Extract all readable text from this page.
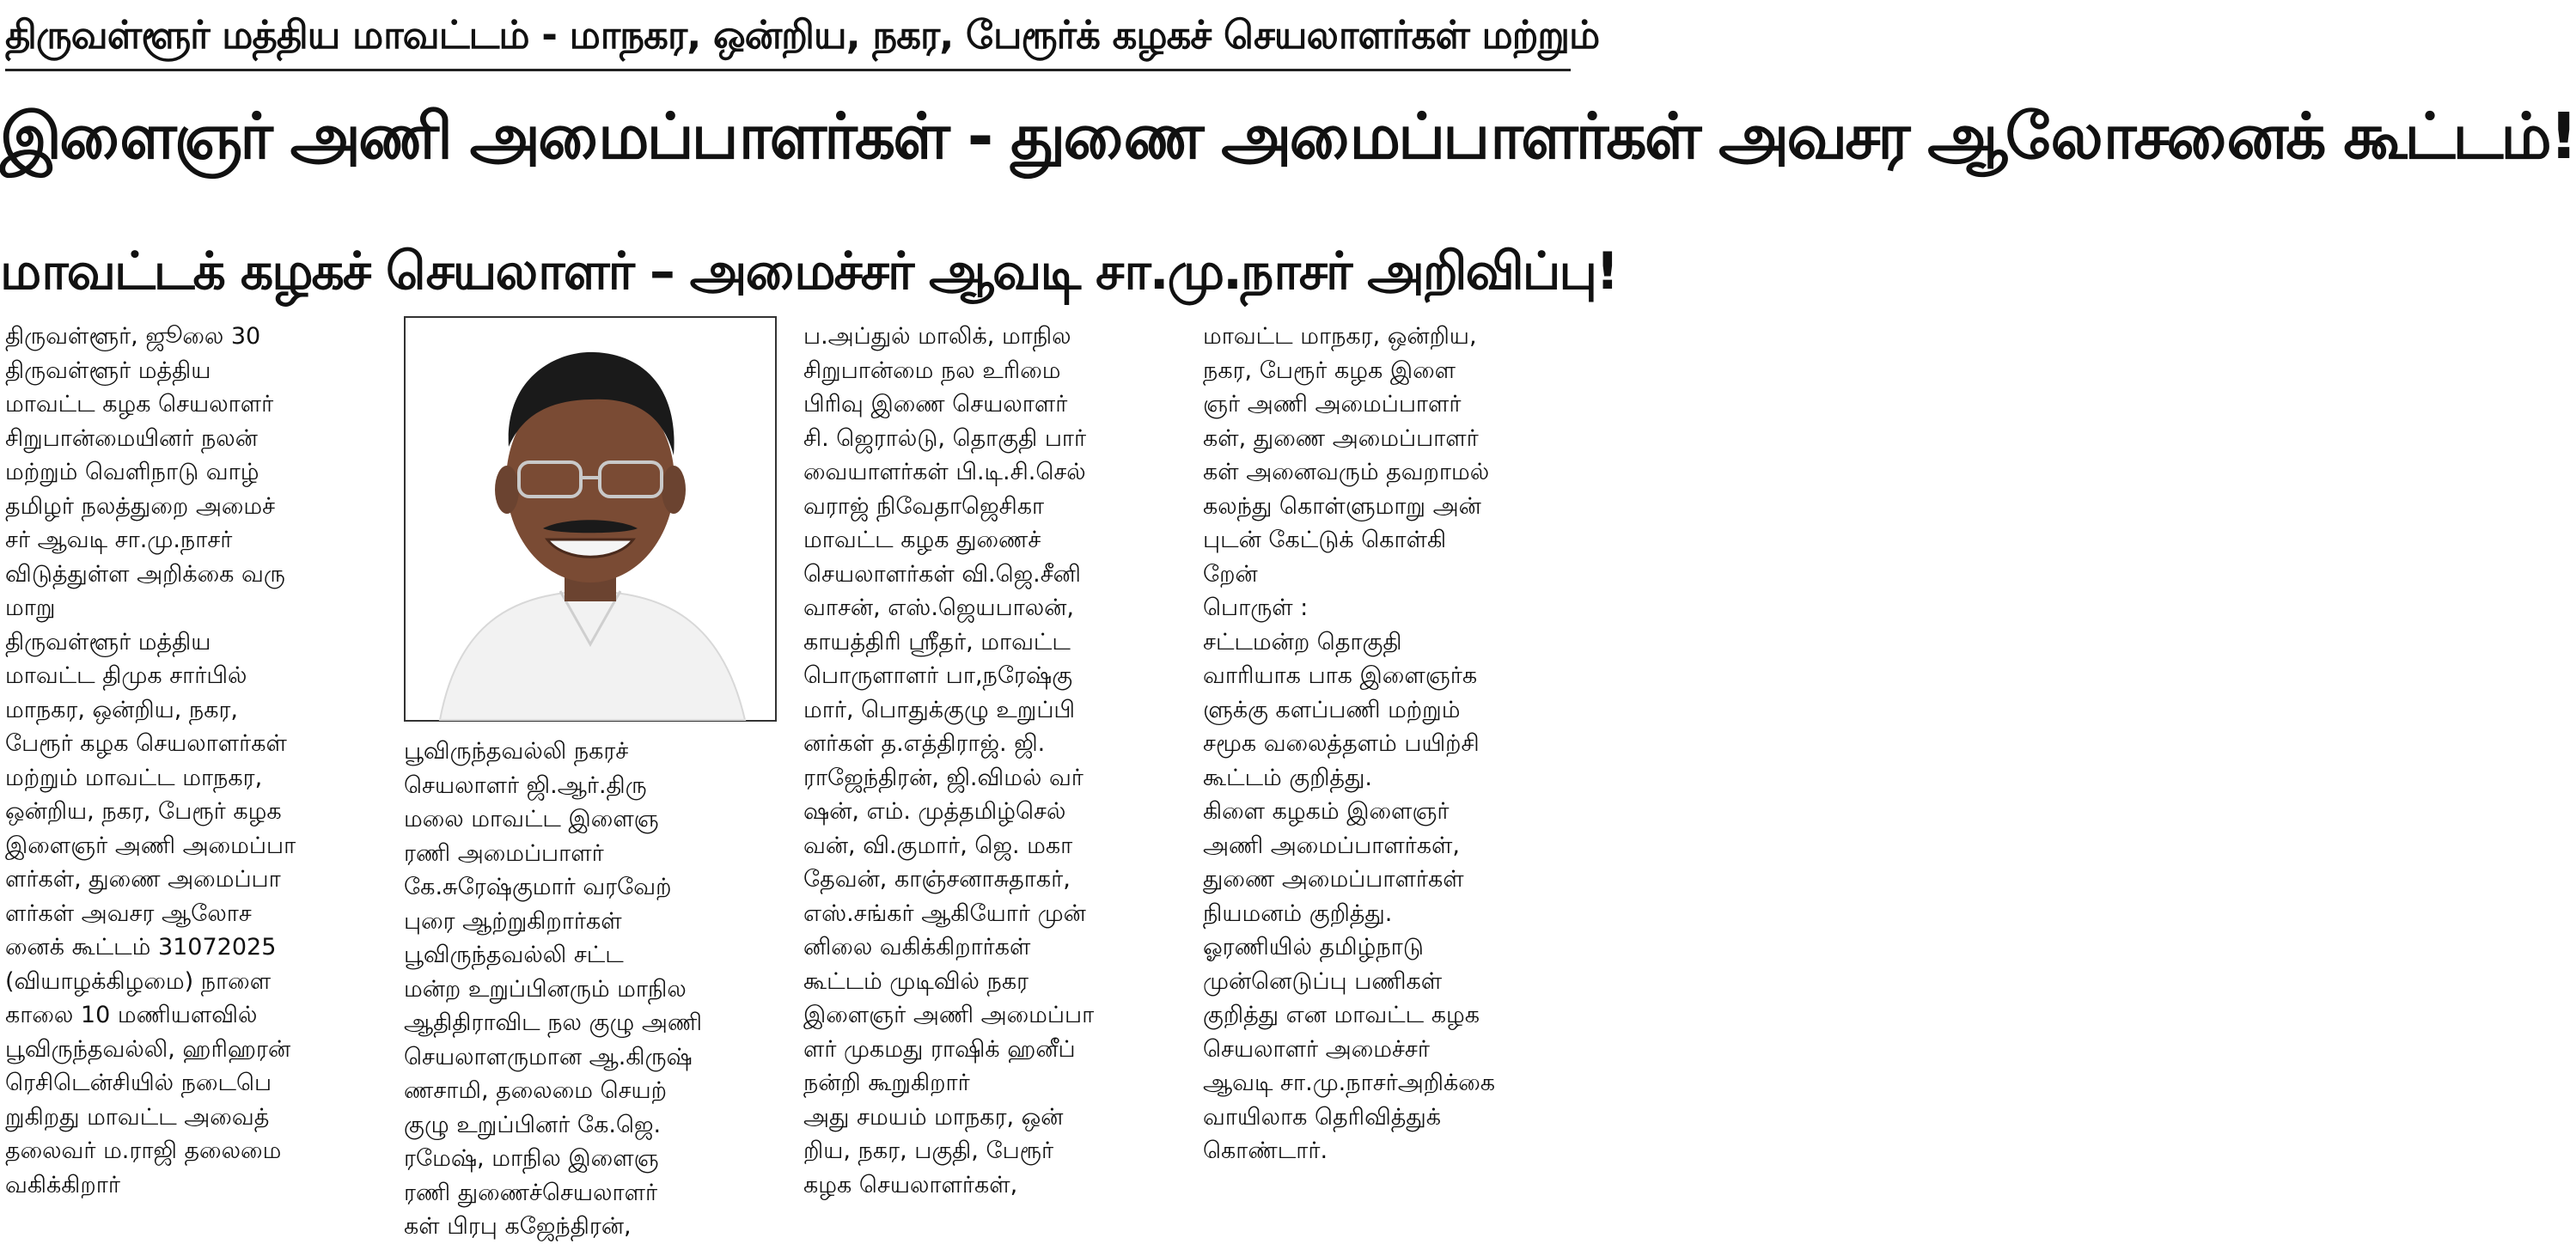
திருவள்ளூர் மத்திய மாவட்டம் - மாநகர, ஒன்றிய, நகர, பேரூர்க் கழகச் செயலாளர்கள் மற்றும்
இளைஞர் அணி அமைப்பாளர்கள் - துணை அமைப்பாளர்கள் அவசர ஆலோசனைக் கூட்டம்!
மாவட்டக் கழகச் செயலாளர் – அமைச்சர் ஆவடி சா.மு.நாசர் அறிவிப்பு!
திருவள்ளூர், ஜூலை 30
திருவள்ளூர் மத்திய
மாவட்ட கழக செயலாளர்
சிறுபான்மையினர் நலன்
மற்றும் வெளிநாடு வாழ்
தமிழர் நலத்துறை அமைச்
சர் ஆவடி சா.மு.நாசர்
விடுத்துள்ள அறிக்கை வரு
மாறு
திருவள்ளூர் மத்திய
மாவட்ட திமுக சார்பில்
மாநகர, ஒன்றிய, நகர,
பேரூர் கழக செயலாளர்கள்
மற்றும் மாவட்ட மாநகர,
ஒன்றிய, நகர, பேரூர் கழக
இளைஞர் அணி அமைப்பா
ளர்கள், துணை அமைப்பா
ளர்கள் அவசர ஆலோச
னைக் கூட்டம் 31072025
(வியாழக்கிழமை) நாளை
காலை 10 மணியளவில்
பூவிருந்தவல்லி, ஹரிஹரன்
ரெசிடென்சியில் நடைபெ
றுகிறது மாவட்ட அவைத்
தலைவர் ம.ராஜி தலைமை
வகிக்கிறார்
பூவிருந்தவல்லி நகரச்
செயலாளர் ஜி.ஆர்.திரு
மலை மாவட்ட இளைஞ
ரணி அமைப்பாளர்
கே.சுரேஷ்குமார் வரவேற்
புரை ஆற்றுகிறார்கள்
பூவிருந்தவல்லி சட்ட
மன்ற உறுப்பினரும் மாநில
ஆதிதிராவிட நல குழு அணி
செயலாளருமான ஆ.கிருஷ்
ணசாமி, தலைமை செயற்
குழு உறுப்பினர் கே.ஜெ.
ரமேஷ், மாநில இளைஞ
ரணி துணைச்செயலாளர்
கள் பிரபு கஜேந்திரன்,
ப.அப்துல் மாலிக், மாநில
சிறுபான்மை நல உரிமை
பிரிவு இணை செயலாளர்
சி. ஜெரால்டு, தொகுதி பார்
வையாளர்கள் பி.டி.சி.செல்
வராஜ் நிவேதாஜெசிகா
மாவட்ட கழக துணைச்
செயலாளர்கள் வி.ஜெ.சீனி
வாசன், எஸ்.ஜெயபாலன்,
காயத்திரி ஸ்ரீதர், மாவட்ட
பொருளாளர் பா,நரேஷ்கு
மார், பொதுக்குழு உறுப்பி
னர்கள் த.எத்திராஜ். ஜி.
ராஜேந்திரன், ஜி.விமல் வர்
ஷன், எம். முத்தமிழ்செல்
வன், வி.குமார், ஜெ. மகா
தேவன், காஞ்சனாசுதாகர்,
எஸ்.சங்கர் ஆகியோர் முன்
னிலை வகிக்கிறார்கள்
கூட்டம் முடிவில் நகர
இளைஞர் அணி அமைப்பா
ளர் முகமது ராஷிக் ஹனீப்
நன்றி கூறுகிறார்
அது சமயம் மாநகர, ஒன்
றிய, நகர, பகுதி, பேரூர்
கழக செயலாளர்கள்,
மாவட்ட மாநகர, ஒன்றிய,
நகர, பேரூர் கழக இளை
ஞர் அணி அமைப்பாளர்
கள், துணை அமைப்பாளர்
கள் அனைவரும் தவறாமல்
கலந்து கொள்ளுமாறு அன்
புடன் கேட்டுக் கொள்கி
றேன்
பொருள் :
சட்டமன்ற தொகுதி
வாரியாக பாக இளைஞர்க
ளுக்கு களப்பணி மற்றும்
சமூக வலைத்தளம் பயிற்சி
கூட்டம் குறித்து.
கிளை கழகம் இளைஞர்
அணி அமைப்பாளர்கள்,
துணை அமைப்பாளர்கள்
நியமனம் குறித்து.
ஓரணியில் தமிழ்நாடு
முன்னெடுப்பு பணிகள்
குறித்து என மாவட்ட கழக
செயலாளர் அமைச்சர்
ஆவடி சா.மு.நாசர்அறிக்கை
வாயிலாக தெரிவித்துக்
கொண்டார்.
